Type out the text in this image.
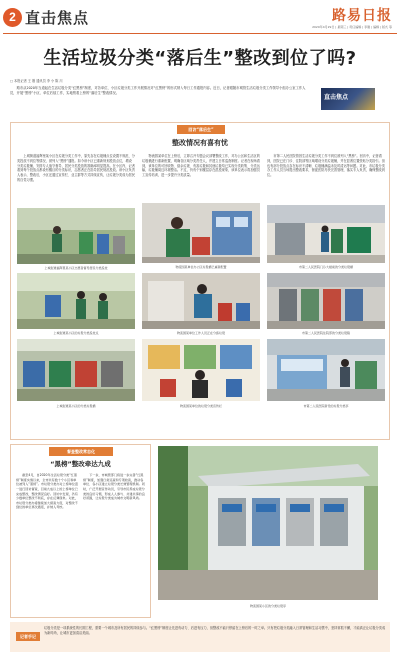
2 直击焦点	路易日报
2020年4月29日 | 星期三 | 责任编辑 | 李刚 | 编辑 | 版式 等
生活垃圾分类“落后生”整改到位了吗?
□ 本报记者 王 刚 通讯员 李 小 陈 川
路市从2020年当道起在生活垃圾分类“红黑榜”制度，对各单位、小区垃圾分类工作开展情况对“红黑榜”的形式纳入每日工作通报内容。近日，记者跟随市城管生活垃圾分类工作领导小组办公室工作人员，开展“黑榜”小区、单位后续工作，实地察看上榜的“落后生”整改情况。
直击焦点
回访“落后生”
整改情况有喜有忧
上城街道福辉里某小区在垃圾分类工作中，原先存在垃圾桶点位设置不规范、分类投放不到位等情况，被列入“黑榜”通报。如今该小区已重新规划投放点位，增设分类垃圾桶，安排专人值守督导，居民分类投放的准确率明显提高。在小区内，记者看到每个投放点都设有醒目的分类标识，志愿者正在指导居民规范投放。该小区负责人表示，整改后，小区还通过宣传栏、业主群等方式持续宣传，让垃圾分类成为居民的自觉习惯。
物流园某单位在上榜后，立即召开专题会议部署整改工作，对办公区和生活区的垃圾桶进行重新配置，明确各区域分类责任人，并建立日常巡查制度。记者在现场看到，该单位的可回收物、厨余垃圾、有害垃圾和其他垃圾均已实现分类收集、分类运输，垃圾桶周边环境整洁。不过，仍有个别楼层存在混投现象，该单位表示将加强员工宣传培训，进一步提升分类质量。
市第二人民医院曾因生活垃圾分类工作不到位被列入“黑榜”。回访中，记者看到，医院已在门诊、住院部等区域增设分类垃圾桶，并在显著位置张贴分类指引。但也有部分投放点存在标识不清晰、垃圾桶满溢未及时清运等问题。对此，市垃圾分类办工作人员当场提出整改要求，督促医院尽快完善管理，落实专人负责，确保整改到位。
上城街道福辉里某小区志愿者督导居民分类投放	物流园某单位办公区垃圾桶已重新配置	市第二人民医院门诊大楼前的分类垃圾桶
上城街道某小区的垃圾分类投放点	物流园某单位工作人员正在分拣垃圾	市第二人民医院住院部的分类垃圾箱
上城街道某小区的分类垃圾桶	物流园某单位的垃圾分类宣传栏	市第二人民医院新设的垃圾分类亭
督查整改常态化
“黑榜”整改牵达九成
截至4月，自2020年生活垃圾分类“红黑榜”制度实施以来，全市共有数十个小区和单位被列入“黑榜”。市垃圾分类办对上榜单位逐一进行回访督查，目前九成以上的上榜单位已完成整改，整改情况良好。回访中发现，仍有少数单位整改不彻底，存在反弹现象。对此，市垃圾分类办将继续加大督查力度，对整改不到位的单位再次通报，并纳入考核。
下一步，市城管部门将进一步完善“红黑榜”制度，加强日常巡查和专项检查，推动各单位、各小区建立垃圾分类长效管理机制。同时，广泛开展宣传动员，引导市民养成垃圾分类的良好习惯，形成人人参与、共建共享的良好氛围，让垃圾分类成为城市文明新风尚。
物流园某小区的分类垃圾亭
记者手记
垃圾分类是一项系统性的长期工程，需要一个城市及所有居民的持续参与。“红黑榜”制度让先进有动力、后进有压力，但整改不能只停留在上榜后的一时之举。只有把垃圾分类融入日常管理和生活习惯中，坚持常抓不懈，才能真正让垃圾分类成为新时尚，让城市更加清洁美丽。
